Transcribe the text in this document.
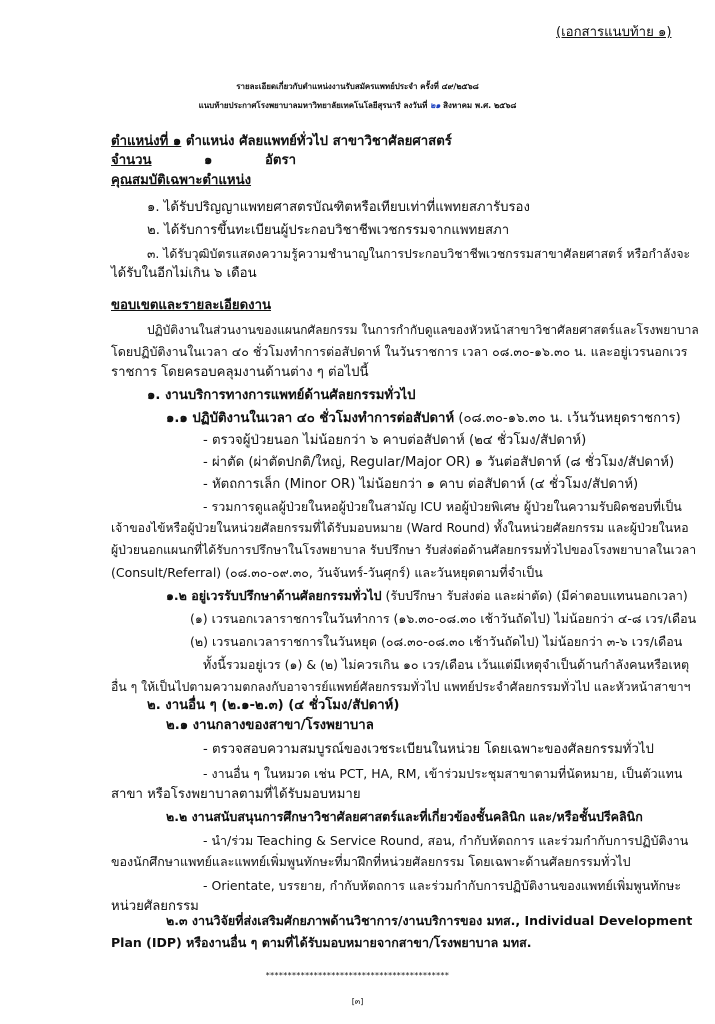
(เอกสารแนบท้าย ๑)
รายละเอียดเกี่ยวกับตำแหน่งงานรับสมัครแพทย์ประจำ ครั้งที่ ๔๙/๒๕๖๘
แนบท้ายประกาศโรงพยาบาลมหาวิทยาลัยเทคโนโลยีสุรนารี ลงวันที่ ๒๑ สิงหาคม พ.ศ. ๒๕๖๘
ตำแหน่งที่ ๑ ตำแหน่ง ศัลยแพทย์ทั่วไป สาขาวิชาศัลยศาสตร์
จำนวน	๑	อัตรา
คุณสมบัติเฉพาะตำแหน่ง
๑. ได้รับปริญญาแพทยศาสตรบัณฑิตหรือเทียบเท่าที่แพทยสภารับรอง
๒. ได้รับการขึ้นทะเบียนผู้ประกอบวิชาชีพเวชกรรมจากแพทยสภา
๓. ได้รับวุฒิบัตรแสดงความรู้ความชำนาญในการประกอบวิชาชีพเวชกรรมสาขาศัลยศาสตร์ หรือกำลังจะ
ได้รับในอีกไม่เกิน ๖ เดือน
ขอบเขตและรายละเอียดงาน
ปฏิบัติงานในส่วนงานของแผนกศัลยกรรม ในการกำกับดูแลของหัวหน้าสาขาวิชาศัลยศาสตร์และโรงพยาบาล
โดยปฏิบัติงานในเวลา ๔๐ ชั่วโมงทำการต่อสัปดาห์ ในวันราชการ เวลา ๐๘.๓๐-๑๖.๓๐ น. และอยู่เวรนอกเวร
ราชการ โดยครอบคลุมงานด้านต่าง ๆ ต่อไปนี้
๑. งานบริการทางการแพทย์ด้านศัลยกรรมทั่วไป
๑.๑ ปฏิบัติงานในเวลา ๔๐ ชั่วโมงทำการต่อสัปดาห์ (๐๘.๓๐-๑๖.๓๐ น. เว้นวันหยุดราชการ)
- ตรวจผู้ป่วยนอก ไม่น้อยกว่า ๖ คาบต่อสัปดาห์ (๒๔ ชั่วโมง/สัปดาห์)
- ผ่าตัด (ผ่าตัดปกติ/ใหญ่, Regular/Major OR) ๑ วันต่อสัปดาห์ (๘ ชั่วโมง/สัปดาห์)
- หัตถการเล็ก (Minor OR) ไม่น้อยกว่า ๑ คาบ ต่อสัปดาห์ (๔ ชั่วโมง/สัปดาห์)
- รวมการดูแลผู้ป่วยในหอผู้ป่วยในสามัญ ICU หอผู้ป่วยพิเศษ ผู้ป่วยในความรับผิดชอบที่เป็น
เจ้าของไข้หรือผู้ป่วยในหน่วยศัลยกรรมที่ได้รับมอบหมาย (Ward Round) ทั้งในหน่วยศัลยกรรม และผู้ป่วยในหอ
ผู้ป่วยนอกแผนกที่ได้รับการปรึกษาในโรงพยาบาล รับปรึกษา รับส่งต่อด้านศัลยกรรมทั่วไปของโรงพยาบาลในเวลา
(Consult/Referral) (๐๘.๓๐-๐๙.๓๐, วันจันทร์-วันศุกร์) และวันหยุดตามที่จำเป็น
๑.๒ อยู่เวรรับปรึกษาด้านศัลยกรรมทั่วไป (รับปรึกษา รับส่งต่อ และผ่าตัด) (มีค่าตอบแทนนอกเวลา)
(๑) เวรนอกเวลาราชการในวันทำการ (๑๖.๓๐-๐๘.๓๐ เช้าวันถัดไป) ไม่น้อยกว่า ๔-๘ เวร/เดือน
(๒) เวรนอกเวลาราชการในวันหยุด (๐๘.๓๐-๐๘.๓๐ เช้าวันถัดไป) ไม่น้อยกว่า ๓-๖ เวร/เดือน
ทั้งนี้รวมอยู่เวร (๑) & (๒) ไม่ควรเกิน ๑๐ เวร/เดือน เว้นแต่มีเหตุจำเป็นด้านกำลังคนหรือเหตุ
อื่น ๆ ให้เป็นไปตามความตกลงกับอาจารย์แพทย์ศัลยกรรมทั่วไป แพทย์ประจำศัลยกรรมทั่วไป และหัวหน้าสาขาฯ
๒. งานอื่น ๆ (๒.๑-๒.๓) (๔ ชั่วโมง/สัปดาห์)
๒.๑ งานกลางของสาขา/โรงพยาบาล
- ตรวจสอบความสมบูรณ์ของเวชระเบียนในหน่วย โดยเฉพาะของศัลยกรรมทั่วไป
- งานอื่น ๆ ในหมวด เช่น PCT, HA, RM, เข้าร่วมประชุมสาขาตามที่นัดหมาย, เป็นตัวแทน
สาขา หรือโรงพยาบาลตามที่ได้รับมอบหมาย
๒.๒ งานสนับสนุนการศึกษาวิชาศัลยศาสตร์และที่เกี่ยวข้องชั้นคลินิก และ/หรือชั้นปรีคลินิก
- นำ/ร่วม Teaching & Service Round, สอน, กำกับหัตถการ และร่วมกำกับการปฏิบัติงาน
ของนักศึกษาแพทย์และแพทย์เพิ่มพูนทักษะที่มาฝึกที่หน่วยศัลยกรรม โดยเฉพาะด้านศัลยกรรมทั่วไป
- Orientate, บรรยาย, กำกับหัตถการ และร่วมกำกับการปฏิบัติงานของแพทย์เพิ่มพูนทักษะ
หน่วยศัลยกรรม
๒.๓ งานวิจัยที่ส่งเสริมศักยภาพด้านวิชาการ/งานบริการของ มทส., Individual Development
Plan (IDP) หรืองานอื่น ๆ ตามที่ได้รับมอบหมายจากสาขา/โรงพยาบาล มทส.
******************************************
[๓]
